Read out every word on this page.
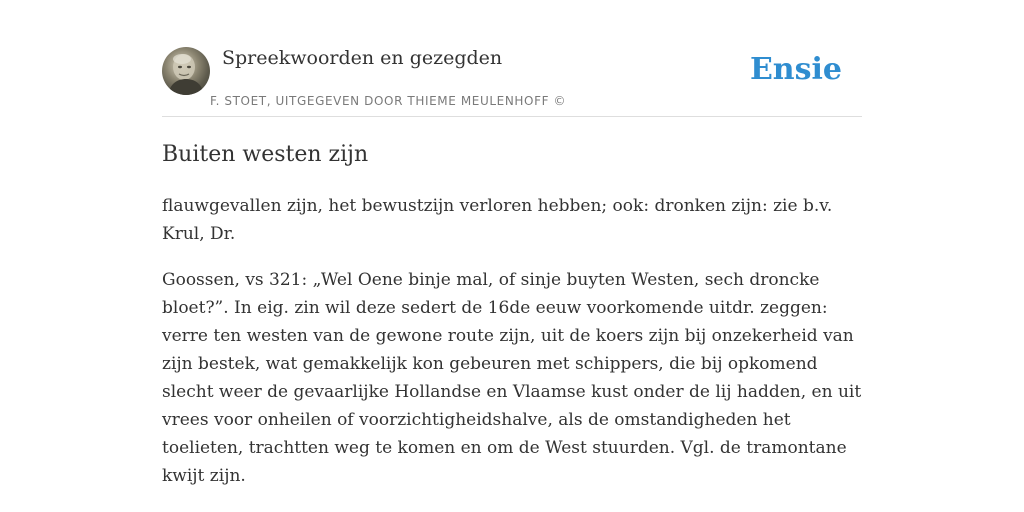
Spreekwoorden en gezegden
F. STOET, UITGEGEVEN DOOR THIEME MEULENHOFF ©
Ensie
Buiten westen zijn

flauwgevallen zijn, het bewustzijn verloren hebben; ook: dronken zijn: zie b.v. Krul, Dr.

Goossen, vs 321: „Wel Oene binje mal, of sinje buyten Westen, sech droncke bloet?”. In eig. zin wil deze sedert de 16de eeuw voorkomende uitdr. zeggen: verre ten westen van de gewone route zijn, uit de koers zijn bij onzekerheid van zijn bestek, wat gemakkelijk kon gebeuren met schippers, die bij opkomend slecht weer de gevaarlijke Hollandse en Vlaamse kust onder de lij hadden, en uit vrees voor onheilen of voorzichtigheidshalve, als de omstandigheden het toelieten, trachtten weg te komen en om de West stuurden. Vgl. de tramontane kwijt zijn.
